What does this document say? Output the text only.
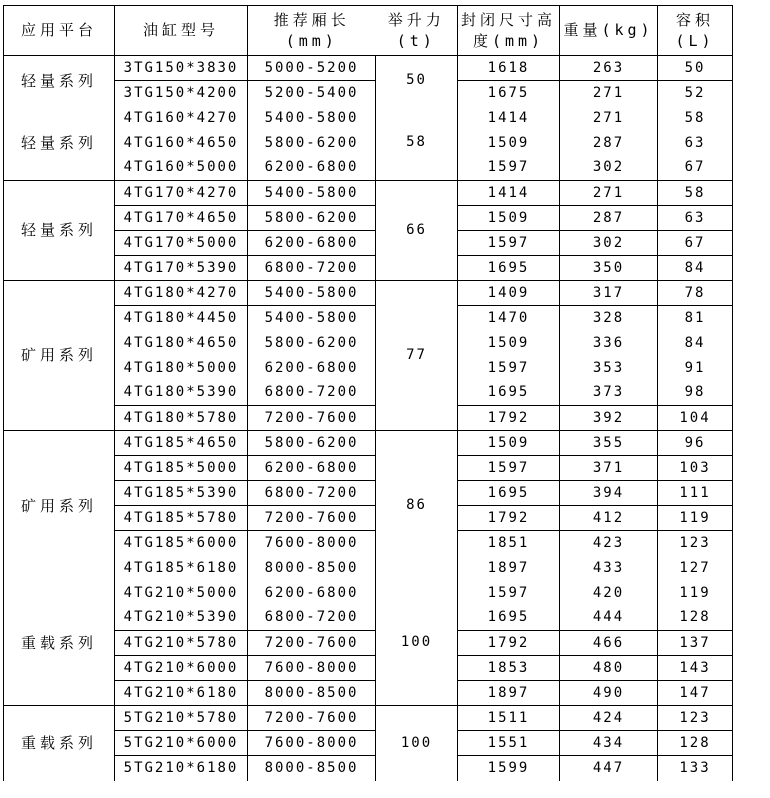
应用平台	油缸型号	推荐厢长(mm)	举升力(t)	封闭尺寸高度(mm)	重量(kg)	容积(L)
轻量系列	3TG150*3830	5000-5200	50	1618	263	50
	3TG150*4200	5200-5400		1675	271	52
轻量系列	4TG160*4270	5400-5800	58	1414	271	58
	4TG160*4650	5800-6200		1509	287	63
	4TG160*5000	6200-6800		1597	302	67
轻量系列	4TG170*4270	5400-5800	66	1414	271	58
	4TG170*4650	5800-6200		1509	287	63
	4TG170*5000	6200-6800		1597	302	67
	4TG170*5390	6800-7200		1695	350	84
矿用系列	4TG180*4270	5400-5800	77	1409	317	78
	4TG180*4450	5400-5800		1470	328	81
	4TG180*4650	5800-6200		1509	336	84
	4TG180*5000	6200-6800		1597	353	91
	4TG180*5390	6800-7200		1695	373	98
	4TG180*5780	7200-7600		1792	392	104
矿用系列	4TG185*4650	5800-6200	86	1509	355	96
	4TG185*5000	6200-6800		1597	371	103
	4TG185*5390	6800-7200		1695	394	111
	4TG185*5780	7200-7600		1792	412	119
	4TG185*6000	7600-8000		1851	423	123
	4TG185*6180	8000-8500		1897	433	127
重载系列	4TG210*5000	6200-6800	100	1597	420	119
	4TG210*5390	6800-7200		1695	444	128
	4TG210*5780	7200-7600		1792	466	137
	4TG210*6000	7600-8000		1853	480	143
	4TG210*6180	8000-8500		1897	490	147
重载系列	5TG210*5780	7200-7600	100	1511	424	123
	5TG210*6000	7600-8000		1551	434	128
	5TG210*6180	8000-8500		1599	447	133
